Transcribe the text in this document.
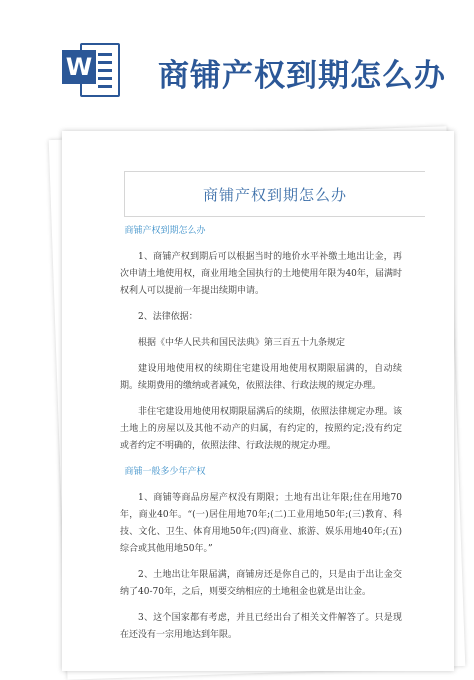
W 商铺产权到期怎么办
商铺产权到期怎么办

商铺产权到期怎么办

1、商铺产权到期后可以根据当时的地价水平补缴土地出让金，再次申请土地使用权，商业用地全国执行的土地使用年限为40年，届满时权利人可以提前一年提出续期申请。

2、法律依据：

根据《中华人民共和国民法典》第三百五十九条规定

建设用地使用权的续期住宅建设用地使用权期限届满的，自动续期。续期费用的缴纳或者减免，依照法律、行政法规的规定办理。

非住宅建设用地使用权期限届满后的续期，依照法律规定办理。该土地上的房屋以及其他不动产的归属，有约定的，按照约定;没有约定或者约定不明确的，依照法律、行政法规的规定办理。

商铺一般多少年产权

1、商铺等商品房屋产权没有期限；土地有出让年限;住在用地70年，商业40年。“(一)居住用地70年;(二)工业用地50年;(三)教育、科技、文化、卫生、体育用地50年;(四)商业、旅游、娱乐用地40年;(五)综合或其他用地50年。”

2、土地出让年限届满，商铺房还是你自己的，只是由于出让金交纳了40-70年，之后，则要交纳相应的土地租金也就是出让金。

3、这个国家都有考虑，并且已经出台了相关文件解答了。只是现在还没有一宗用地达到年限。
